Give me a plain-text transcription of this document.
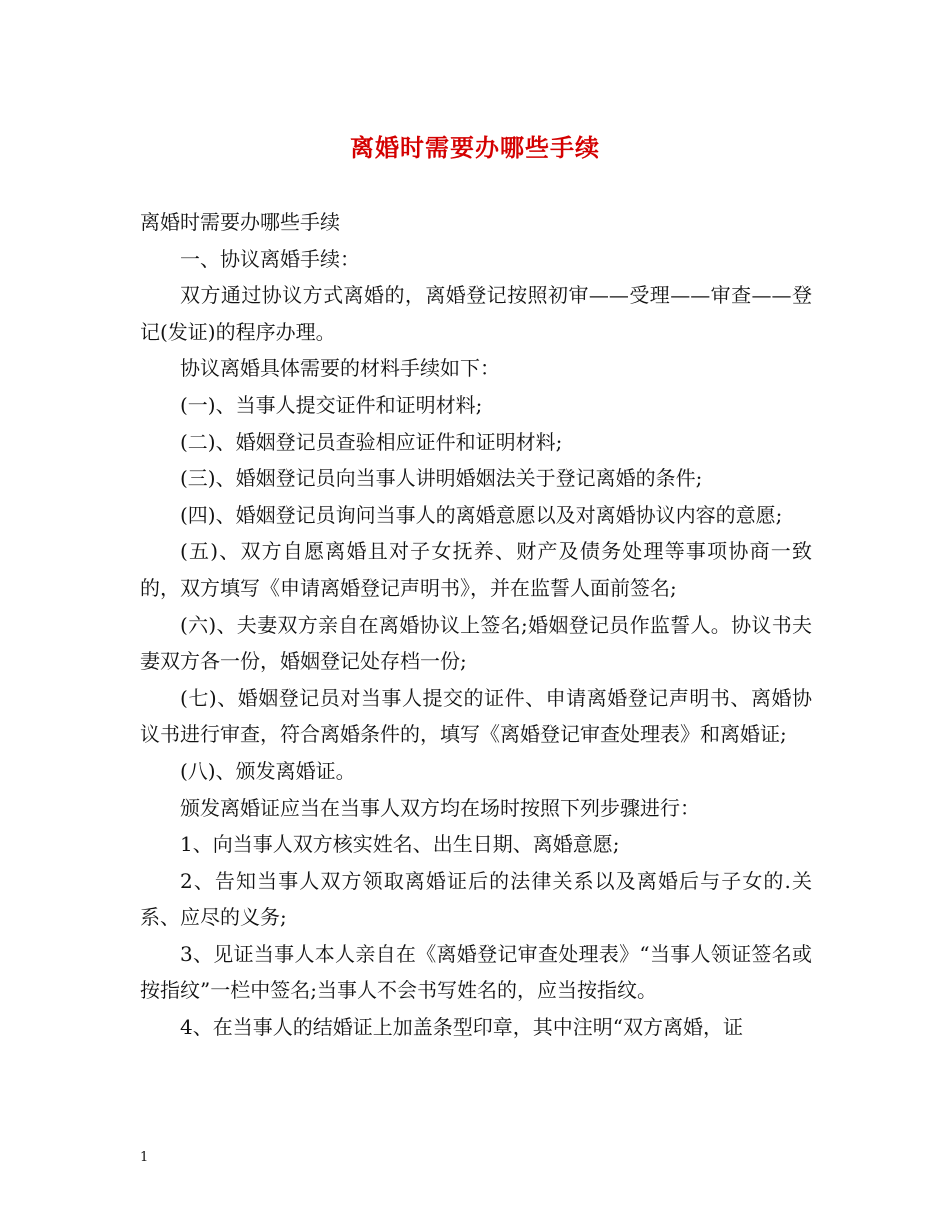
离婚时需要办哪些手续

离婚时需要办哪些手续

一、协议离婚手续：

双方通过协议方式离婚的，离婚登记按照初审——受理——审查——登记(发证)的程序办理。

协议离婚具体需要的材料手续如下：

(一)、当事人提交证件和证明材料;

(二)、婚姻登记员查验相应证件和证明材料;

(三)、婚姻登记员向当事人讲明婚姻法关于登记离婚的条件;

(四)、婚姻登记员询问当事人的离婚意愿以及对离婚协议内容的意愿;

(五)、双方自愿离婚且对子女抚养、财产及债务处理等事项协商一致的，双方填写《申请离婚登记声明书》，并在监誓人面前签名;

(六)、夫妻双方亲自在离婚协议上签名;婚姻登记员作监誓人。协议书夫妻双方各一份，婚姻登记处存档一份;

(七)、婚姻登记员对当事人提交的证件、申请离婚登记声明书、离婚协议书进行审查，符合离婚条件的，填写《离婚登记审查处理表》和离婚证;

(八)、颁发离婚证。

颁发离婚证应当在当事人双方均在场时按照下列步骤进行：

1、向当事人双方核实姓名、出生日期、离婚意愿;

2、告知当事人双方领取离婚证后的法律关系以及离婚后与子女的.关系、应尽的义务;

3、见证当事人本人亲自在《离婚登记审查处理表》“当事人领证签名或按指纹”一栏中签名;当事人不会书写姓名的，应当按指纹。

4、在当事人的结婚证上加盖条型印章，其中注明“双方离婚，证

1
